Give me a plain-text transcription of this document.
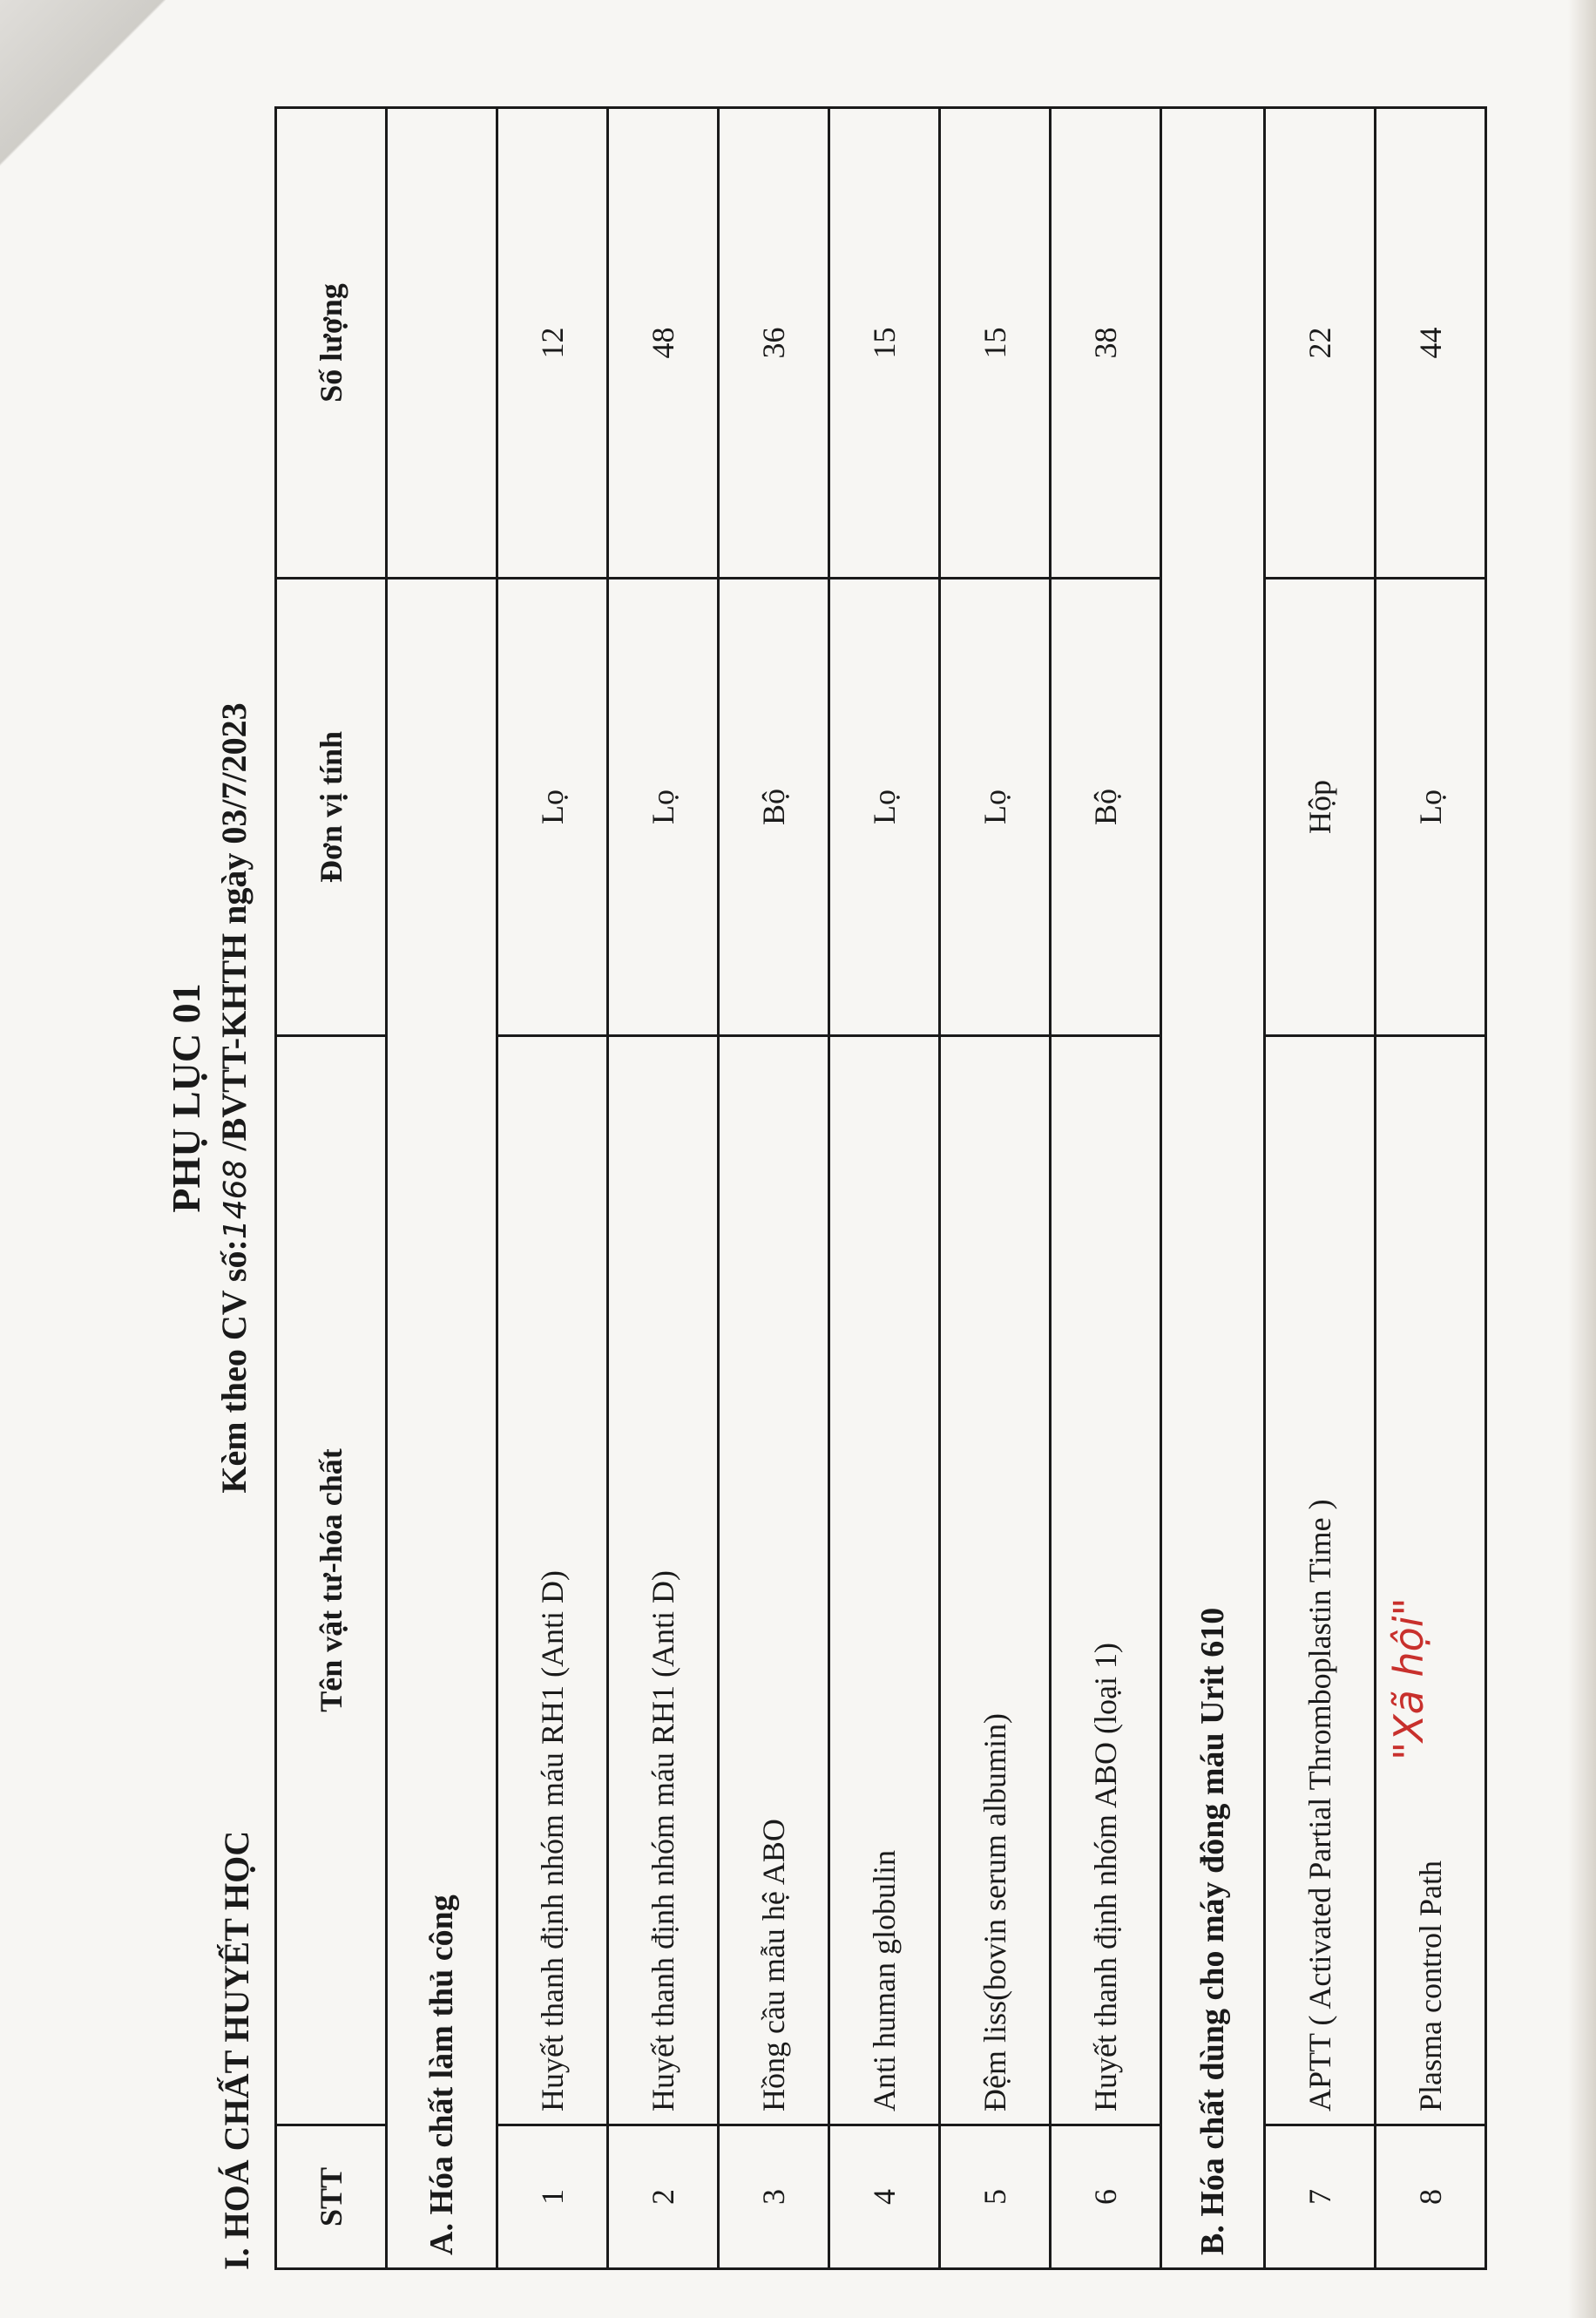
PHỤ LỤC 01
Kèm theo CV số:1468 /BVTT-KHTH ngày 03/7/2023
I. HOÁ CHẤT HUYẾT HỌC STT	Tên vật tư-hóa chất	Đơn vị tính	Số lượng
A. Hóa chất làm thủ công			
1	Huyết thanh định nhóm máu RH1 (Anti D)	Lọ	12
2	Huyết thanh định nhóm máu RH1 (Anti D)	Lọ	48
3	Hồng cầu mẫu hệ ABO	Bộ	36
4	Anti human globulin	Lọ	15
5	Đệm liss(bovin serum albumin)	Lọ	15
6	Huyết thanh định nhóm ABO (loại 1)	Bộ	38
B. Hóa chất dùng cho máy đông máu Urit 610			
7	APTT ( Activated Partial Thromboplastin Time )	Hộp	22
8	Plasma control Path	Lọ	44
"Xã hội"
